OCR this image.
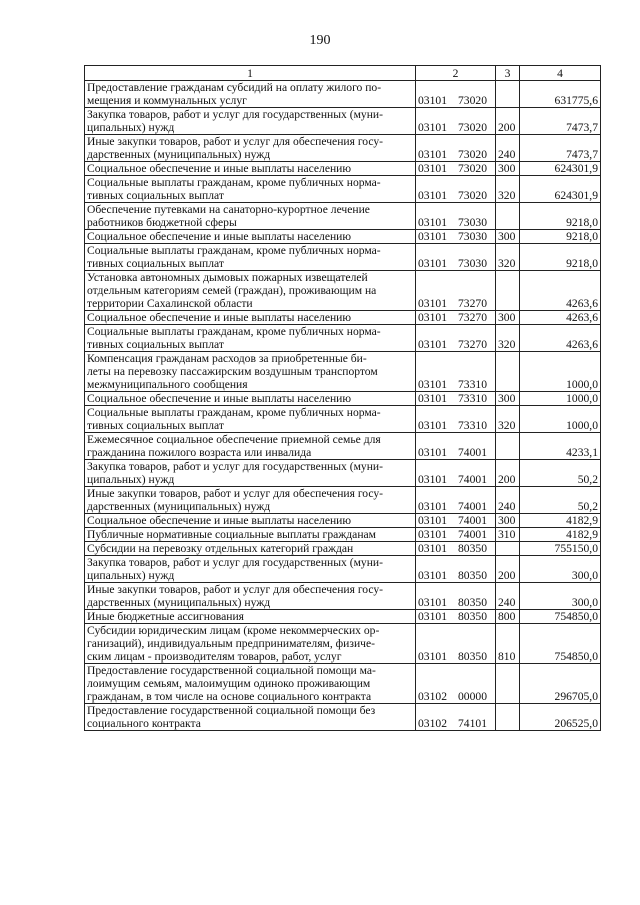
190
1	2	3	4

Предоставление гражданам субсидий на оплату жилого по-
мещения и коммунальных услуг	03101 73020		631775,6

Закупка товаров, работ и услуг для государственных (муни-
ципальных) нужд	03101 73020	200	7473,7

Иные закупки товаров, работ и услуг для обеспечения госу-
дарственных (муниципальных) нужд	03101 73020	240	7473,7

Социальное обеспечение и иные выплаты населению	03101 73020	300	624301,9

Социальные выплаты гражданам, кроме публичных норма-
тивных социальных выплат	03101 73020	320	624301,9

Обеспечение путевками на санаторно-курортное лечение
работников бюджетной сферы	03101 73030		9218,0

Социальное обеспечение и иные выплаты населению	03101 73030	300	9218,0

Социальные выплаты гражданам, кроме публичных норма-
тивных социальных выплат	03101 73030	320	9218,0

Установка автономных дымовых пожарных извещателей
отдельным категориям семей (граждан), проживающим на
территории Сахалинской области	03101 73270		4263,6

Социальное обеспечение и иные выплаты населению	03101 73270	300	4263,6

Социальные выплаты гражданам, кроме публичных норма-
тивных социальных выплат	03101 73270	320	4263,6

Компенсация гражданам расходов за приобретенные би-
леты на перевозку пассажирским воздушным транспортом
межмуниципального сообщения	03101 73310		1000,0

Социальное обеспечение и иные выплаты населению	03101 73310	300	1000,0

Социальные выплаты гражданам, кроме публичных норма-
тивных социальных выплат	03101 73310	320	1000,0

Ежемесячное социальное обеспечение приемной семье для
гражданина пожилого возраста или инвалида	03101 74001		4233,1

Закупка товаров, работ и услуг для государственных (муни-
ципальных) нужд	03101 74001	200	50,2

Иные закупки товаров, работ и услуг для обеспечения госу-
дарственных (муниципальных) нужд	03101 74001	240	50,2

Социальное обеспечение и иные выплаты населению	03101 74001	300	4182,9

Публичные нормативные социальные выплаты гражданам	03101 74001	310	4182,9

Субсидии на перевозку отдельных категорий граждан	03101 80350		755150,0

Закупка товаров, работ и услуг для государственных (муни-
ципальных) нужд	03101 80350	200	300,0

Иные закупки товаров, работ и услуг для обеспечения госу-
дарственных (муниципальных) нужд	03101 80350	240	300,0

Иные бюджетные ассигнования	03101 80350	800	754850,0

Субсидии юридическим лицам (кроме некоммерческих ор-
ганизаций), индивидуальным предпринимателям, физиче-
ским лицам - производителям товаров, работ, услуг	03101 80350	810	754850,0

Предоставление государственной социальной помощи ма-
лоимущим семьям, малоимущим одиноко проживающим
гражданам, в том числе на основе социального контракта	03102 00000		296705,0

Предоставление государственной социальной помощи без
социального контракта	03102 74101		206525,0
